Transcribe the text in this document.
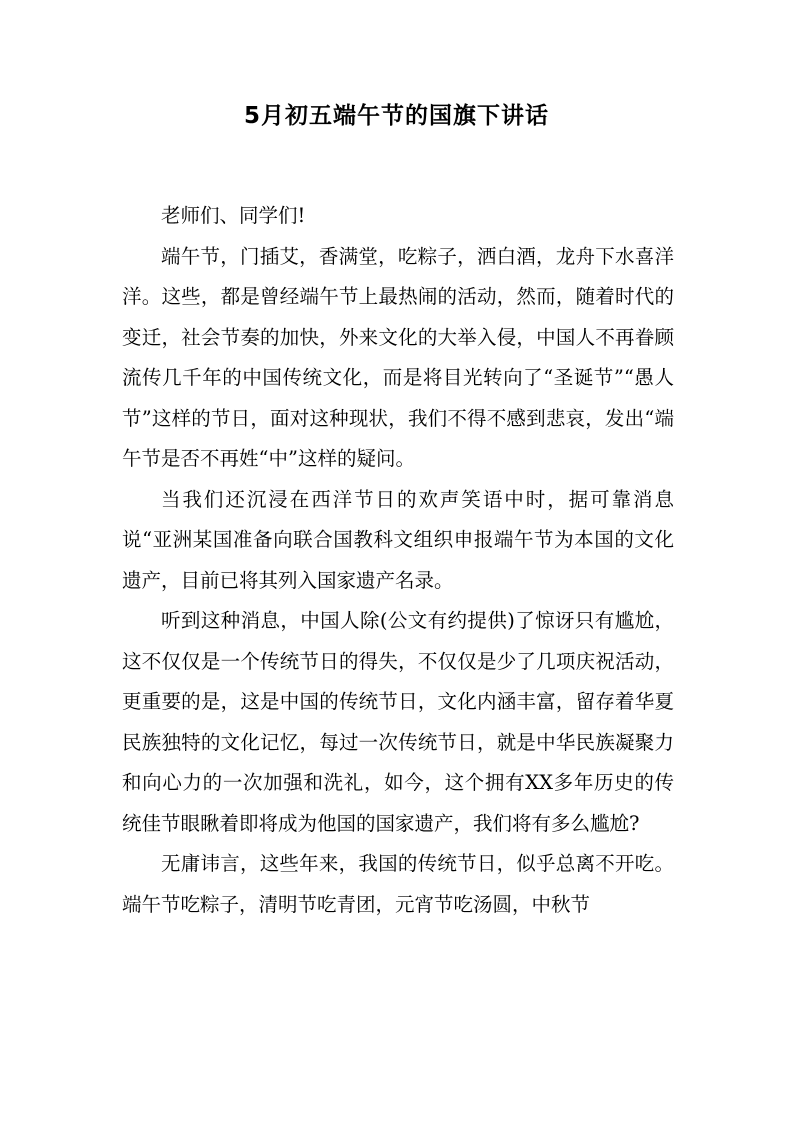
5月初五端午节的国旗下讲话

老师们、同学们!

端午节，门插艾，香满堂，吃粽子，洒白酒，龙舟下水喜洋洋。这些，都是曾经端午节上最热闹的活动，然而，随着时代的变迁，社会节奏的加快，外来文化的大举入侵，中国人不再眷顾流传几千年的中国传统文化，而是将目光转向了“圣诞节”“愚人节”这样的节日，面对这种现状，我们不得不感到悲哀，发出“端午节是否不再姓“中”这样的疑问。

当我们还沉浸在西洋节日的欢声笑语中时，据可靠消息说“亚洲某国准备向联合国教科文组织申报端午节为本国的文化遗产，目前已将其列入国家遗产名录。

听到这种消息，中国人除(公文有约提供)了惊讶只有尴尬，这不仅仅是一个传统节日的得失，不仅仅是少了几项庆祝活动，更重要的是，这是中国的传统节日，文化内涵丰富，留存着华夏民族独特的文化记忆，每过一次传统节日，就是中华民族凝聚力和向心力的一次加强和洗礼，如今，这个拥有XX多年历史的传统佳节眼瞅着即将成为他国的国家遗产，我们将有多么尴尬?

无庸讳言，这些年来，我国的传统节日，似乎总离不开吃。端午节吃粽子，清明节吃青团，元宵节吃汤圆，中秋节
